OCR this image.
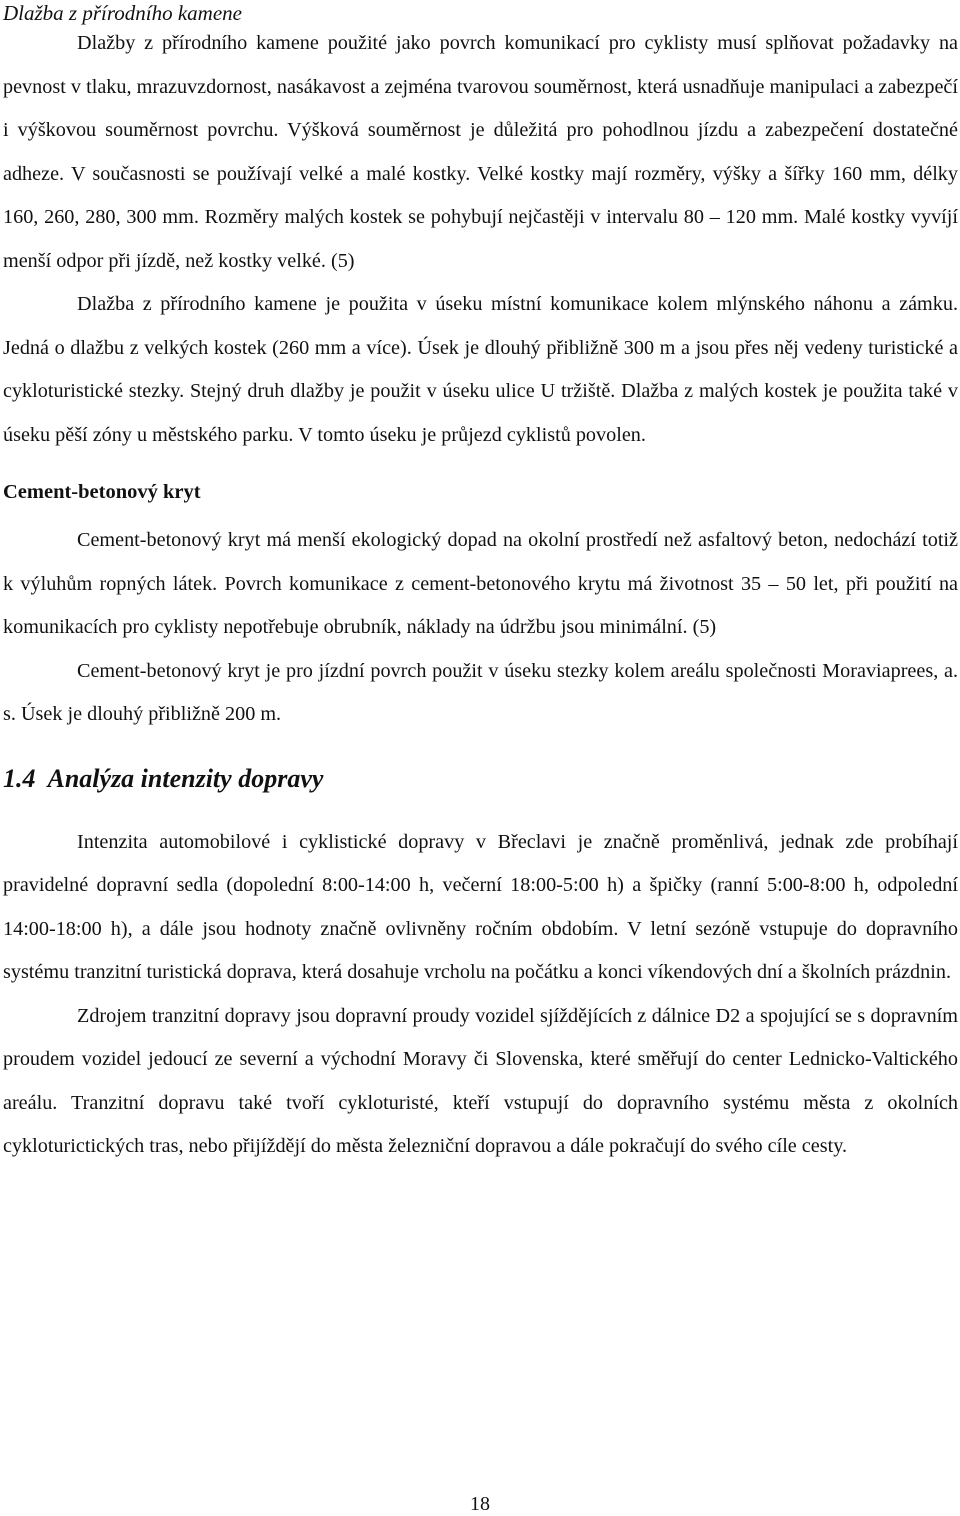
Dlažba z přírodního kamene

Dlažby z přírodního kamene použité jako povrch komunikací pro cyklisty musí splňovat požadavky na pevnost v tlaku, mrazuvzdornost, nasákavost a zejména tvarovou souměrnost, která usnadňuje manipulaci a zabezpečí i výškovou souměrnost povrchu. Výšková souměrnost je důležitá pro pohodlnou jízdu a zabezpečení dostatečné adheze. V současnosti se používají velké a malé kostky. Velké kostky mají rozměry, výšky a šířky 160 mm, délky 160, 260, 280, 300 mm. Rozměry malých kostek se pohybují nejčastěji v intervalu 80 – 120 mm. Malé kostky vyvíjí menší odpor při jízdě, než kostky velké. (5)

Dlažba z přírodního kamene je použita v úseku místní komunikace kolem mlýnského náhonu a zámku. Jedná o dlažbu z velkých kostek (260 mm a více). Úsek je dlouhý přibližně 300 m a jsou přes něj vedeny turistické a cykloturistické stezky. Stejný druh dlažby je použit v úseku ulice U tržiště. Dlažba z malých kostek je použita také v úseku pěší zóny u městského parku. V tomto úseku je průjezd cyklistů povolen.

Cement-betonový kryt

Cement-betonový kryt má menší ekologický dopad na okolní prostředí než asfaltový beton, nedochází totiž k výluhům ropných látek. Povrch komunikace z cement-betonového krytu má životnost 35 – 50 let, při použití na komunikacích pro cyklisty nepotřebuje obrubník, náklady na údržbu jsou minimální. (5)

Cement-betonový kryt je pro jízdní povrch použit v úseku stezky kolem areálu společnosti Moraviaprees, a. s. Úsek je dlouhý přibližně 200 m.

1.4 Analýza intenzity dopravy

Intenzita automobilové i cyklistické dopravy v Břeclavi je značně proměnlivá, jednak zde probíhají pravidelné dopravní sedla (dopolední 8:00-14:00 h, večerní 18:00-5:00 h) a špičky (ranní 5:00-8:00 h, odpolední 14:00-18:00 h), a dále jsou hodnoty značně ovlivněny ročním obdobím. V letní sezóně vstupuje do dopravního systému tranzitní turistická doprava, která dosahuje vrcholu na počátku a konci víkendových dní a školních prázdnin.

Zdrojem tranzitní dopravy jsou dopravní proudy vozidel sjíždějících z dálnice D2 a spojující se s dopravním proudem vozidel jedoucí ze severní a východní Moravy či Slovenska, které směřují do center Lednicko-Valtického areálu. Tranzitní dopravu také tvoří cykloturisté, kteří vstupují do dopravního systému města z okolních cykloturictických tras, nebo přijíždějí do města železniční dopravou a dále pokračují do svého cíle cesty.

18
